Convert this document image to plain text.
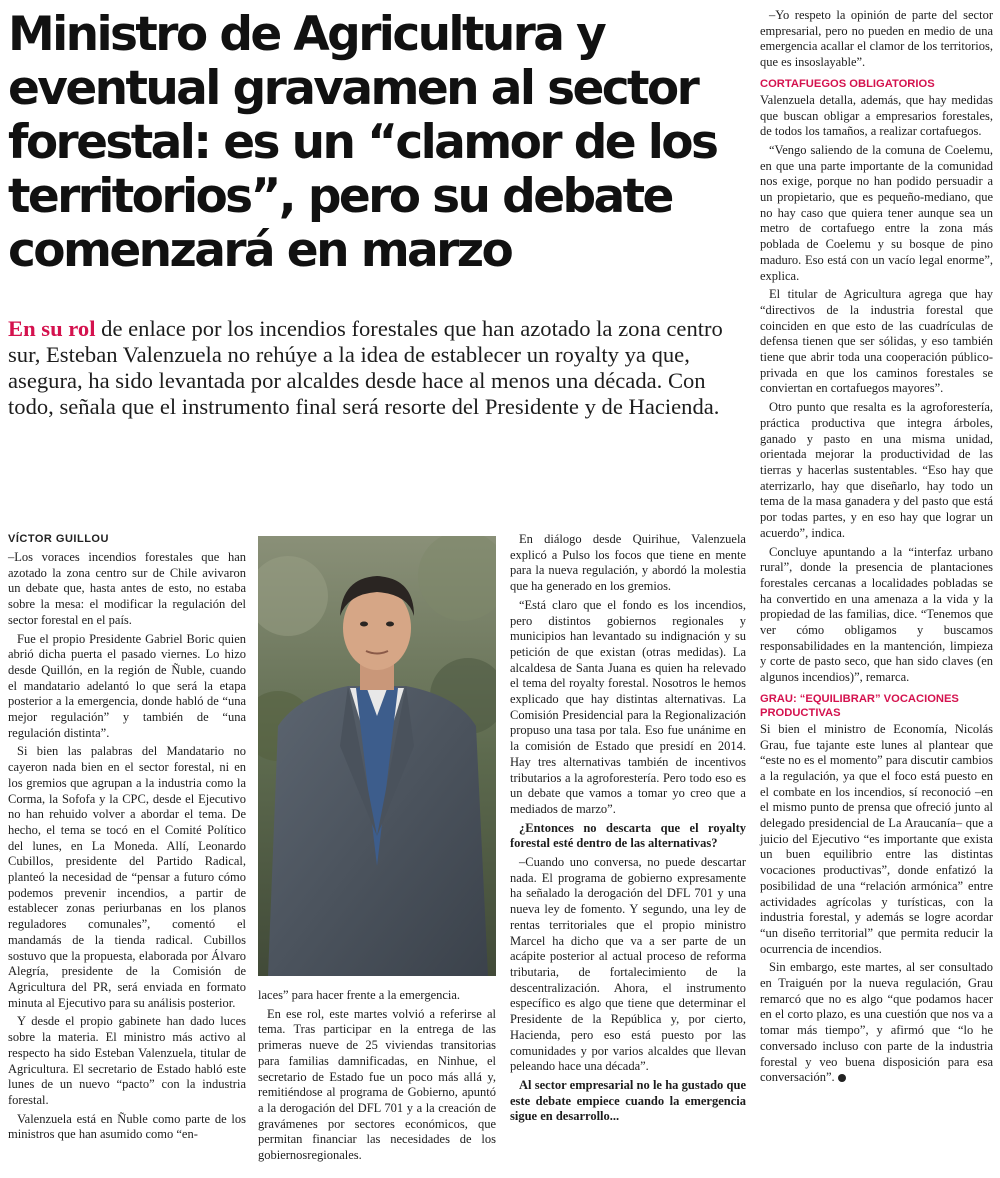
Ministro de Agricultura y eventual gravamen al sector forestal: es un “clamor de los territorios”, pero su debate comenzará en marzo

En su rol de enlace por los incendios forestales que han azotado la zona centro sur, Esteban Valenzuela no rehúye a la idea de establecer un royalty ya que, asegura, ha sido levantada por alcaldes desde hace al menos una década. Con todo, señala que el instrumento final será resorte del Presidente y de Hacienda.

VÍCTOR GUILLOU

–Los voraces incendios forestales que han azotado la zona centro sur de Chile avivaron un debate que, hasta antes de esto, no estaba sobre la mesa: el modificar la regulación del sector forestal en el país.

Fue el propio Presidente Gabriel Boric quien abrió dicha puerta el pasado viernes. Lo hizo desde Quillón, en la región de Ñuble, cuando el mandatario adelantó lo que será la etapa posterior a la emergencia, donde habló de “una mejor regulación” y también de “una regulación distinta”.

Si bien las palabras del Mandatario no cayeron nada bien en el sector forestal, ni en los gremios que agrupan a la industria como la Corma, la Sofofa y la CPC, desde el Ejecutivo no han rehuido volver a abordar el tema. De hecho, el tema se tocó en el Comité Político del lunes, en La Moneda. Allí, Leonardo Cubillos, presidente del Partido Radical, planteó la necesidad de “pensar a futuro cómo podemos prevenir incendios, a partir de establecer zonas periurbanas en los planos reguladores comunales”, comentó el mandamás de la tienda radical. Cubillos sostuvo que la propuesta, elaborada por Álvaro Alegría, presidente de la Comisión de Agricultura del PR, será enviada en formato minuta al Ejecutivo para su análisis posterior.

Y desde el propio gabinete han dado luces sobre la materia. El ministro más activo al respecto ha sido Esteban Valenzuela, titular de Agricultura. El secretario de Estado habló este lunes de un nuevo “pacto” con la industria forestal.

Valenzuela está en Ñuble como parte de los ministros que han asumido como “en-

laces” para hacer frente a la emergencia.

En ese rol, este martes volvió a referirse al tema. Tras participar en la entrega de las primeras nueve de 25 viviendas transitorias para familias damnificadas, en Ninhue, el secretario de Estado fue un poco más allá y, remitiéndose al programa de Gobierno, apuntó a la derogación del DFL 701 y a la creación de gravámenes por sectores económicos, que permitan financiar las necesidades de los gobiernosregionales.

En diálogo desde Quirihue, Valenzuela explicó a Pulso los focos que tiene en mente para la nueva regulación, y abordó la molestia que ha generado en los gremios.

“Está claro que el fondo es los incendios, pero distintos gobiernos regionales y municipios han levantado su indignación y su petición de que existan (otras medidas). La alcaldesa de Santa Juana es quien ha relevado el tema del royalty forestal. Nosotros le hemos explicado que hay distintas alternativas. La Comisión Presidencial para la Regionalización propuso una tasa por tala. Eso fue unánime en la comisión de Estado que presidí en 2014. Hay tres alternativas también de incentivos tributarios a la agroforestería. Pero todo eso es un debate que vamos a tomar yo creo que a mediados de marzo”.

¿Entonces no descarta que el royalty forestal esté dentro de las alternativas?

–Cuando uno conversa, no puede descartar nada. El programa de gobierno expresamente ha señalado la derogación del DFL 701 y una nueva ley de fomento. Y segundo, una ley de rentas territoriales que el propio ministro Marcel ha dicho que va a ser parte de un acápite posterior al actual proceso de reforma tributaria, de fortalecimiento de la descentralización. Ahora, el instrumento específico es algo que tiene que determinar el Presidente de la República y, por cierto, Hacienda, pero eso está puesto por las comunidades y por varios alcaldes que llevan peleando hace una década”.

Al sector empresarial no le ha gustado que este debate empiece cuando la emergencia sigue en desarrollo...

–Yo respeto la opinión de parte del sector empresarial, pero no pueden en medio de una emergencia acallar el clamor de los territorios, que es insoslayable”.

CORTAFUEGOS OBLIGATORIOS

Valenzuela detalla, además, que hay medidas que buscan obligar a empresarios forestales, de todos los tamaños, a realizar cortafuegos.

“Vengo saliendo de la comuna de Coelemu, en que una parte importante de la comunidad nos exige, porque no han podido persuadir a un propietario, que es pequeño-mediano, que no hay caso que quiera tener aunque sea un metro de cortafuego entre la zona más poblada de Coelemu y su bosque de pino maduro. Eso está con un vacío legal enorme”, explica.

El titular de Agricultura agrega que hay “directivos de la industria forestal que coinciden en que esto de las cuadrículas de defensa tienen que ser sólidas, y eso también tiene que abrir toda una cooperación público-privada en que los caminos forestales se conviertan en cortafuegos mayores”.

Otro punto que resalta es la agroforestería, práctica productiva que integra árboles, ganado y pasto en una misma unidad, orientada mejorar la productividad de las tierras y hacerlas sustentables. “Eso hay que aterrizarlo, hay que diseñarlo, hay todo un tema de la masa ganadera y del pasto que está por todas partes, y en eso hay que lograr un acuerdo”, indica.

Concluye apuntando a la “interfaz urbano rural”, donde la presencia de plantaciones forestales cercanas a localidades pobladas se ha convertido en una amenaza a la vida y la propiedad de las familias, dice. “Tenemos que ver cómo obligamos y buscamos responsabilidades en la mantención, limpieza y corte de pasto seco, que han sido claves (en algunos incendios)”, remarca.

GRAU: “EQUILIBRAR” VOCACIONES PRODUCTIVAS

Si bien el ministro de Economía, Nicolás Grau, fue tajante este lunes al plantear que “este no es el momento” para discutir cambios a la regulación, ya que el foco está puesto en el combate en los incendios, sí reconoció –en el mismo punto de prensa que ofreció junto al delegado presidencial de La Araucanía– que a juicio del Ejecutivo “es importante que exista un buen equilibrio entre las distintas vocaciones productivas”, donde enfatizó la posibilidad de una “relación armónica” entre actividades agrícolas y turísticas, con la industria forestal, y además se logre acordar “un diseño territorial” que permita reducir la ocurrencia de incendios.

Sin embargo, este martes, al ser consultado en Traiguén por la nueva regulación, Grau remarcó que no es algo “que podamos hacer en el corto plazo, es una cuestión que nos va a tomar más tiempo”, y afirmó que “lo he conversado incluso con parte de la industria forestal y veo buena disposición para esa conversación”.
